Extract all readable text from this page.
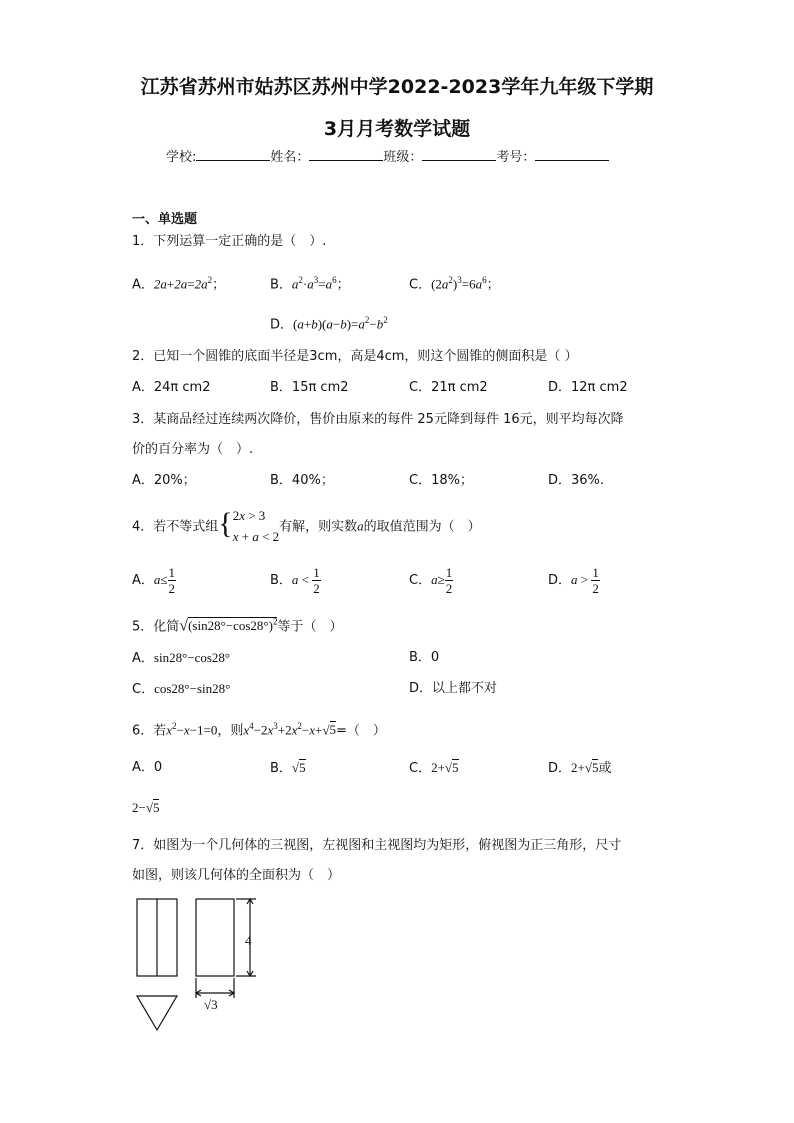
江苏省苏州市姑苏区苏州中学2022-2023学年九年级下学期
3月月考数学试题
学校:	姓名：	班级：	考号：
一、单选题
1．下列运算一定正确的是（　）.
A．$2a+2a=2a^2$；	B．$a^2\cdot a^3=a^6$；	C．$(2a^2)^3=6a^6$；
D．$(a+b)(a-b)=a^2-b^2$
2．已知一个圆锥的底面半径是3cm，高是4cm，则这个圆锥的侧面积是（ ）
A．24π cm2	B．15π cm2	C．21π cm2	D．12π cm2
3．某商品经过连续两次降价，售价由原来的每件 25元降到每件 16元，则平均每次降
价的百分率为（　）.
A．20%；	B．40%；	C．18%；	D．36%.
4．若不等式组{ 2x > 3
x + a < 2
有解，则实数a的取值范围为（　）
A．$a\le \frac{1}{2}$	B．$a < \frac{1}{2}$	C．$a\ge \frac{1}{2}$	D．$a > \frac{1}{2}$
5．化简$√(\sin 28^\circ-\cos 28^\circ)^2$等于（　）
A．sin28°−cos28°	B．0
C．cos28°−sin28°	D．以上都不对
6．若$x^2-x-1=0$，则$x^4-2x^3+2x^2-x+√5=$（　）
A．0	B．√5	C．2+√5	D．2+√5或
2−√5
7．如图为一个几何体的三视图，左视图和主视图均为矩形，俯视图为正三角形，尺寸
如图，则该几何体的全面积为（　）
4
√3
